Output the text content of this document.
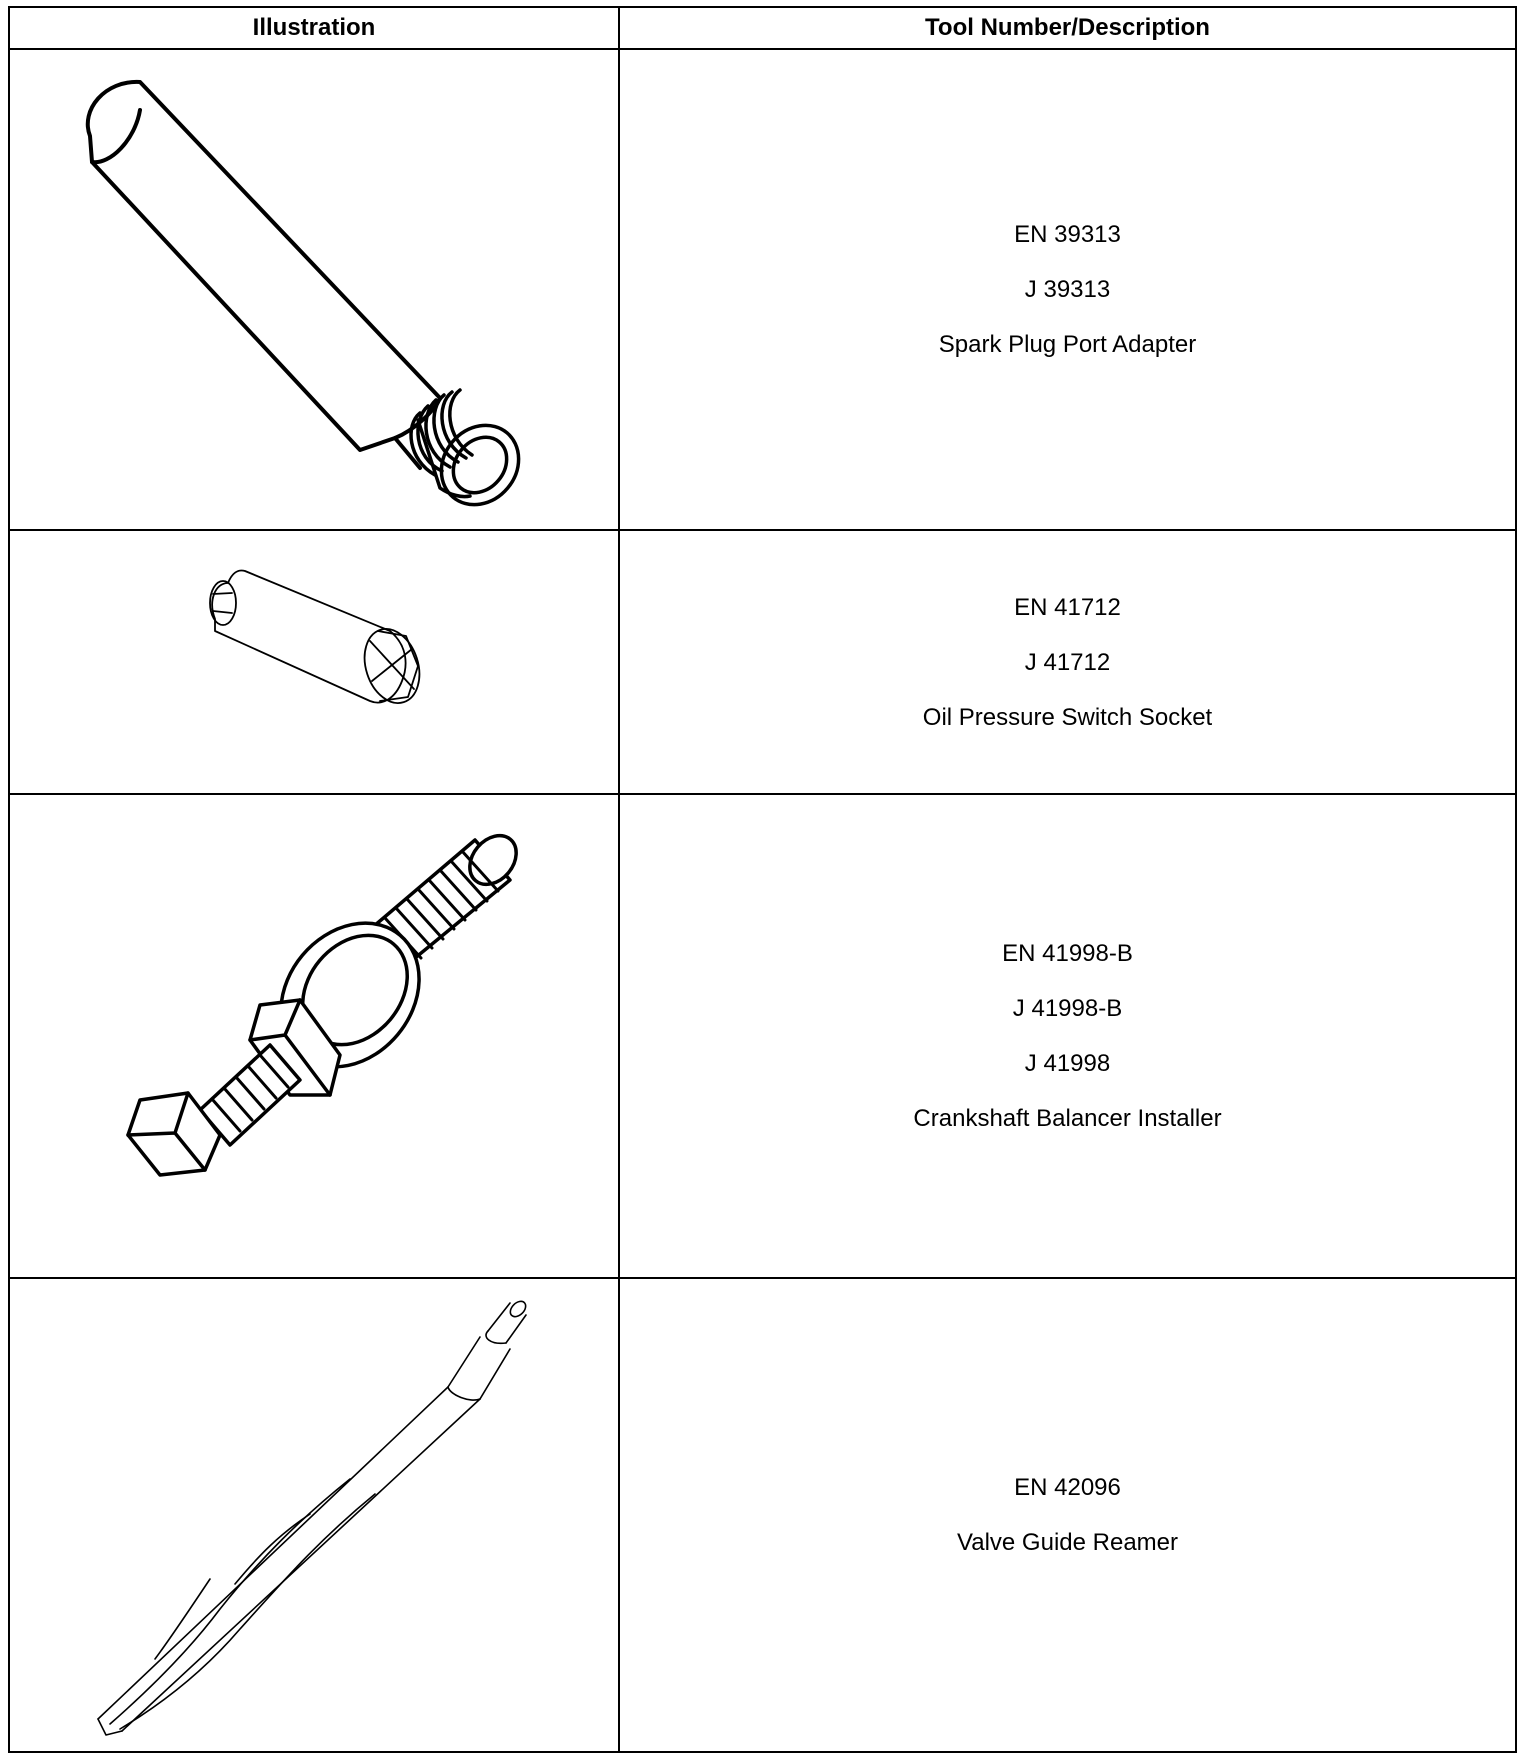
Illustration	Tool Number/Description

EN 39313
J 39313
Spark Plug Port Adapter

EN 41712
J 41712
Oil Pressure Switch Socket

EN 41998-B
J 41998-B
J 41998
Crankshaft Balancer Installer

EN 42096
Valve Guide Reamer
